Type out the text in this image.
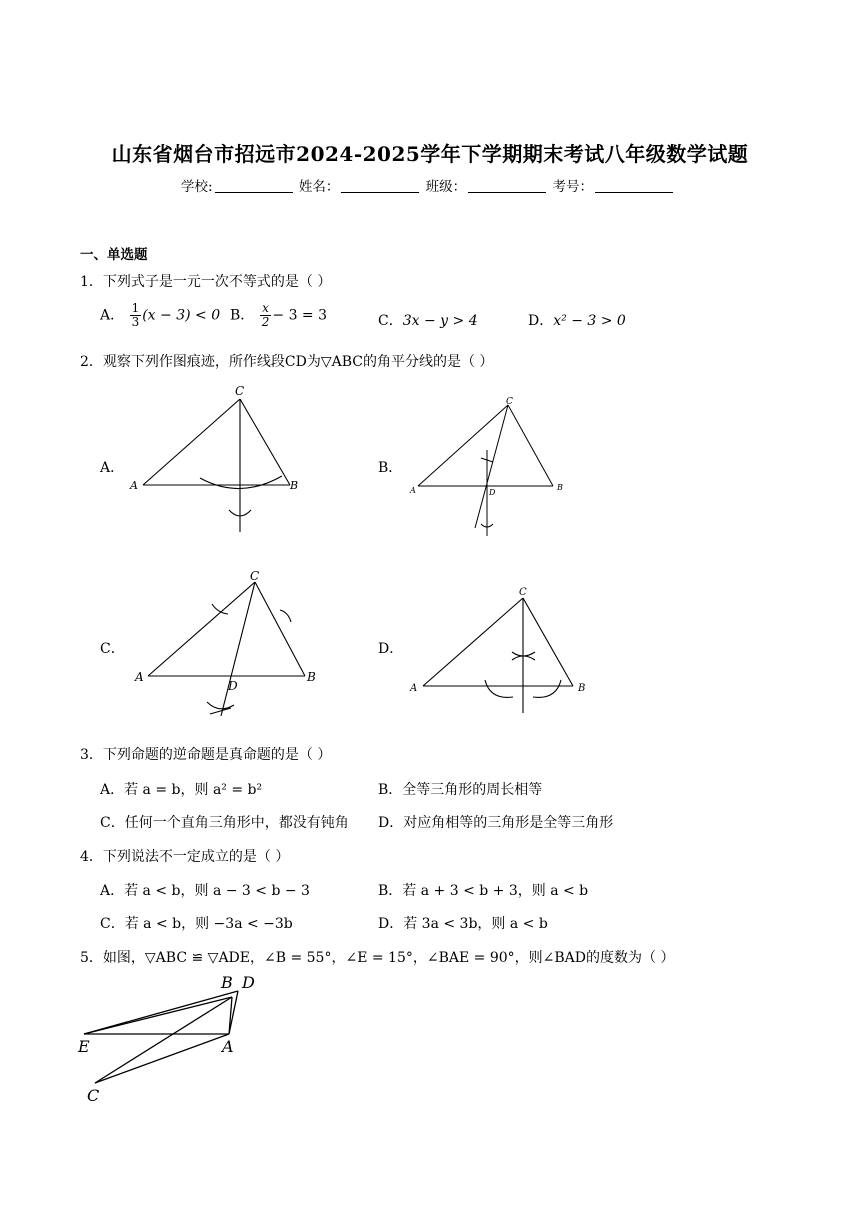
山东省烟台市招远市2024-2025学年下学期期末考试八年级数学试题
学校:	姓名：	班级：	考号：
一、单选题
1．下列式子是一元一次不等式的是（ ）
A． $\frac{1}{3} (x - 3) < 0$ B． $\frac{x}{2} - 3 = 3$	C．3x − y > 4	D．x² − 3 > 0
2．观察下列作图痕迹，所作线段CD为▽ABC的角平分线的是（ ）
A．	B．
C．	D．
C
A	B
C
A	B
D
C
A	B
D
C
A	B
3．下列命题的逆命题是真命题的是（ ）
A．若 a = b，则 a² = b²	B．全等三角形的周长相等
C．任何一个直角三角形中，都没有钝角 D．对应角相等的三角形是全等三角形
4．下列说法不一定成立的是（ ）
A．若 a < b，则 a − 3 < b − 3	B．若 a + 3 < b + 3，则 a < b
C．若 a < b，则 −3a < −3b	D．若 3a < 3b，则 a < b
5．如图，▽ABC ≌ ▽ADE，∠B = 55°，∠E = 15°，∠BAE = 90°，则∠BAD的度数为（ ）
B D
E	A
C
